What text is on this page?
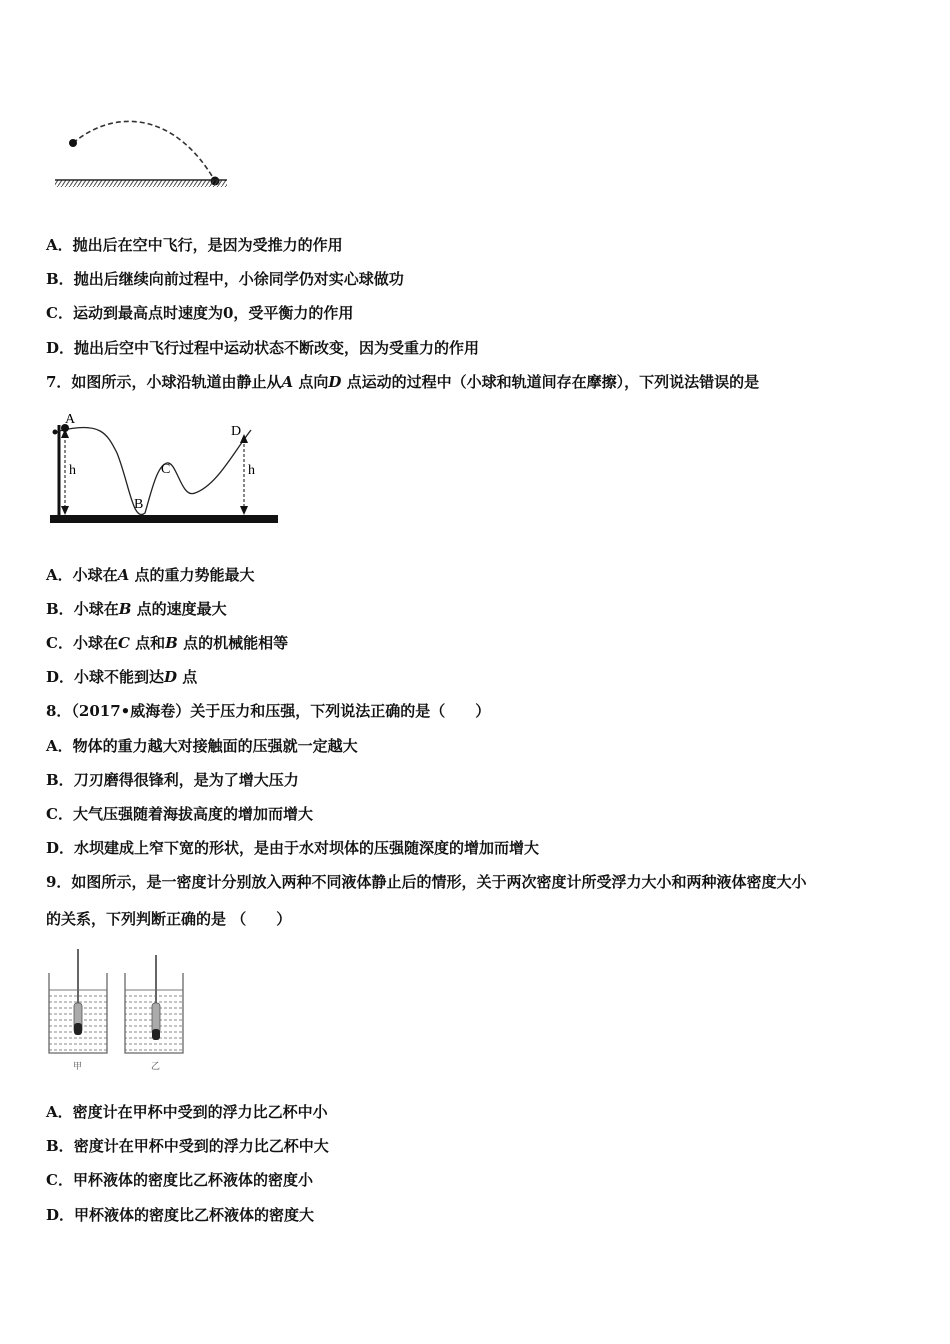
A．抛出后在空中飞行，是因为受推力的作用
B．抛出后继续向前过程中，小徐同学仍对实心球做功
C．运动到最高点时速度为0，受平衡力的作用
D．抛出后空中飞行过程中运动状态不断改变，因为受重力的作用
7．如图所示，小球沿轨道由静止从A 点向D 点运动的过程中（小球和轨道间存在摩擦），下列说法错误的是
A
B
C
D
h	h
A．小球在A 点的重力势能最大
B．小球在B 点的速度最大
C．小球在C 点和B 点的机械能相等
D．小球不能到达D 点
8．（2017•威海卷）关于压力和压强，下列说法正确的是（　　）
A．物体的重力越大对接触面的压强就一定越大
B．刀刃磨得很锋利，是为了增大压力
C．大气压强随着海拔高度的增加而增大
D．水坝建成上窄下宽的形状，是由于水对坝体的压强随深度的增加而增大
9．如图所示，是一密度计分别放入两种不同液体静止后的情形，关于两次密度计所受浮力大小和两种液体密度大小
的关系，下列判断正确的是 （　　）
甲	乙
A．密度计在甲杯中受到的浮力比乙杯中小
B．密度计在甲杯中受到的浮力比乙杯中大
C．甲杯液体的密度比乙杯液体的密度小
D．甲杯液体的密度比乙杯液体的密度大
